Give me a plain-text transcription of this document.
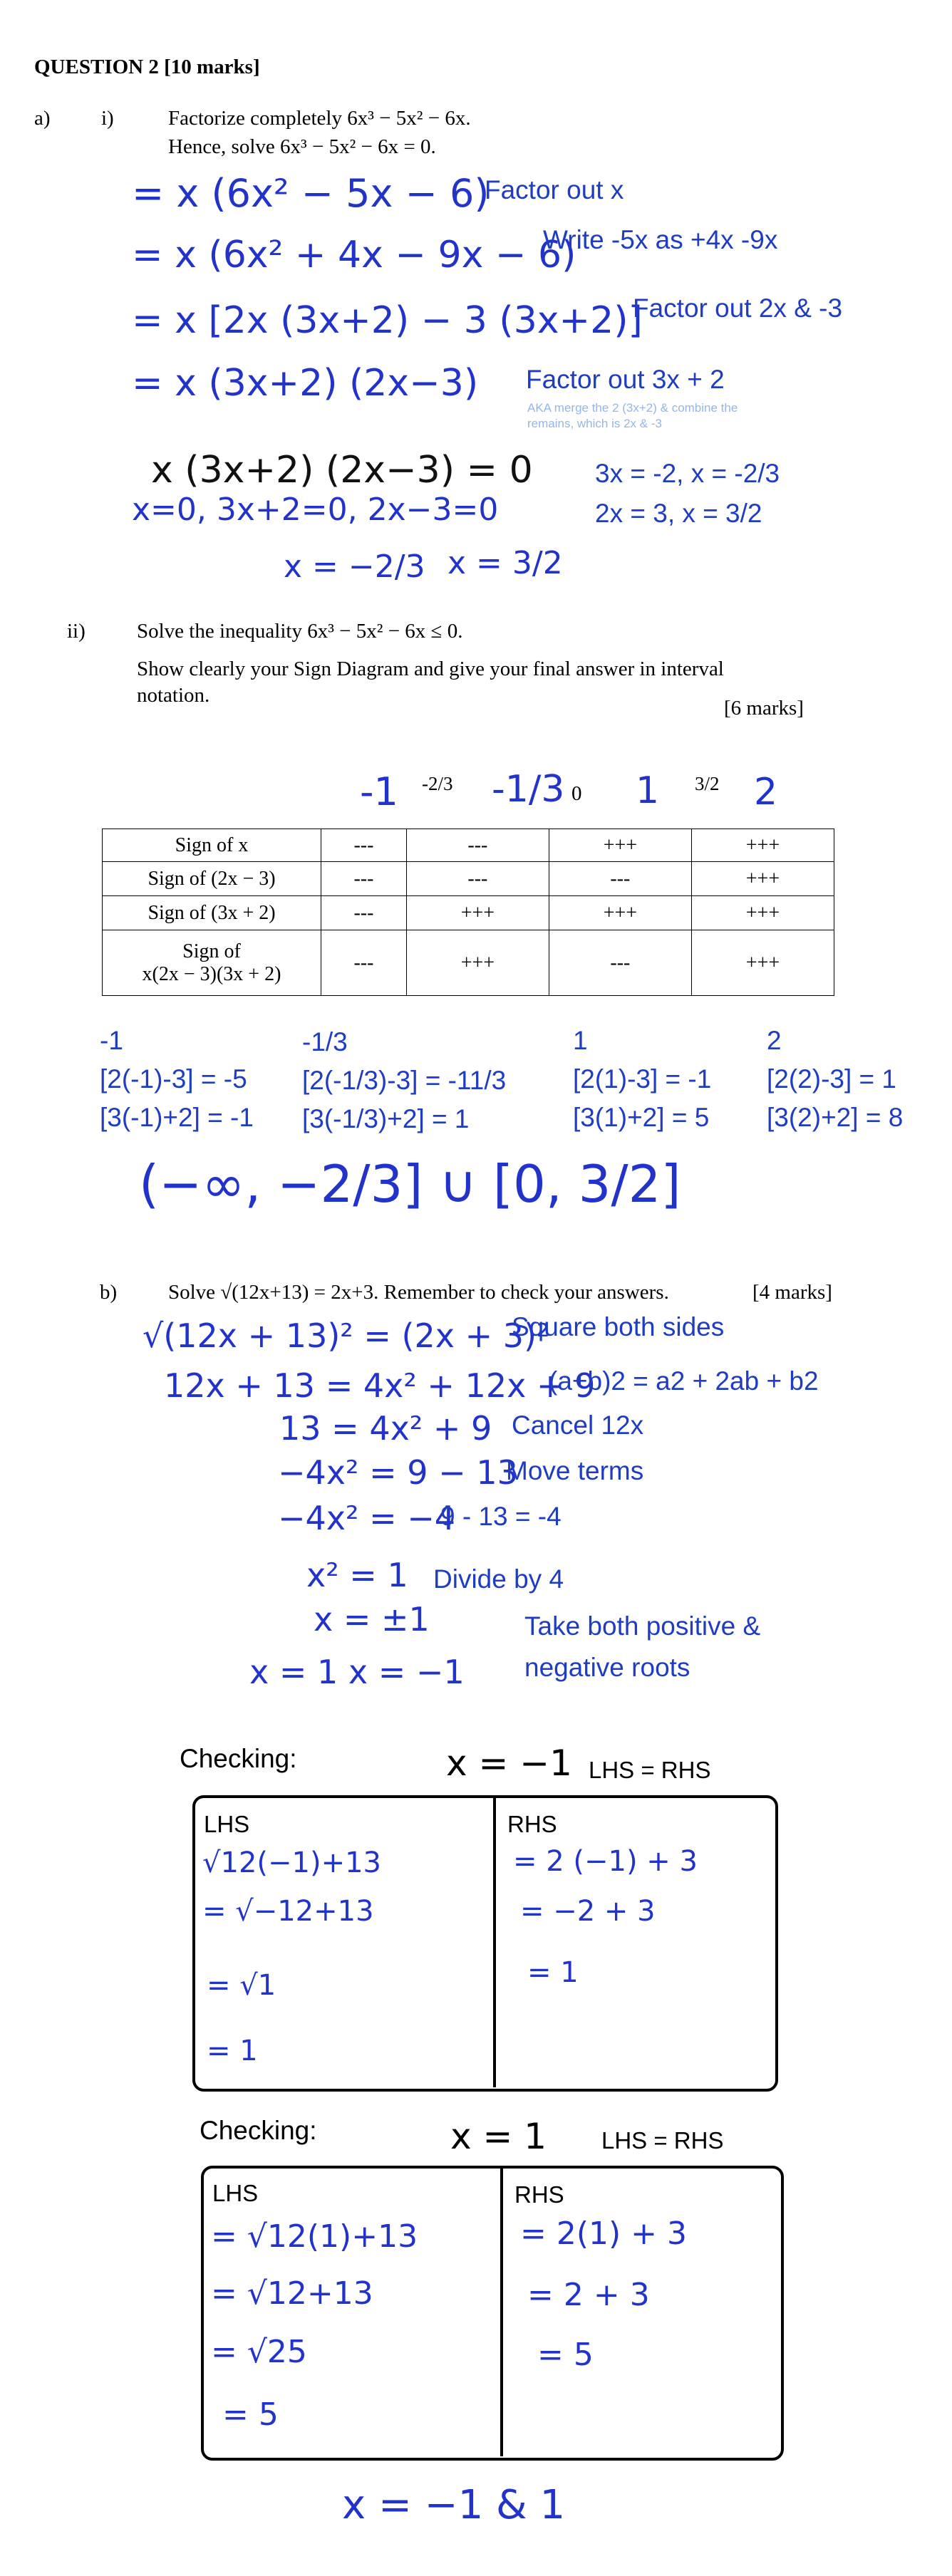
QUESTION 2 [10 marks]
a) i)	Factorize completely 6x³ − 5x² − 6x.
Hence, solve 6x³ − 5x² − 6x = 0.
= x (6x² − 5x − 6)
Factor out x
= x (6x² + 4x − 9x − 6)
Write -5x as +4x -9x
= x [2x (3x+2) − 3 (3x+2)]
Factor out 2x & -3
= x (3x+2) (2x−3) Factor out 3x + 2
AKA merge the 2 (3x+2) & combine the remains, which is 2x & -3
x (3x+2) (2x−3) = 0
x=0, 3x+2=0, 2x−3=0
x = −2/3 x = 3/2
3x = -2, x = -2/3
2x = 3, x = 3/2
ii) Solve the inequality 6x³ − 5x² − 6x ≤ 0.
Show clearly your Sign Diagram and give your final answer in interval
notation.
[6 marks]
-1 -2/3 -1/3 0 1 3/2 2
Sign of x	---	---	+++	+++
Sign of (2x − 3)	---	---	---	+++
Sign of (3x + 2)	---	+++	+++	+++

Sign of
x(2x − 3)(3x + 2)	---	+++	---	+++
-1
[2(-1)-3] = -5
[3(-1)+2] = -1
-1/3
[2(-1/3)-3] = -11/3
[3(-1/3)+2] = 1
1
[2(1)-3] = -1
[3(1)+2] = 5
2
[2(2)-3] = 1
[3(2)+2] = 8
(−∞, −2/3] ∪ [0, 3/2]
b) Solve √(12x+13) = 2x+3. Remember to check your answers.	[4 marks]
√(12x + 13)² = (2x + 3)²
Square both sides
12x + 13 = 4x² + 12x + 9
(a+b)2 = a2 + 2ab + b2
13 = 4x² + 9 Cancel 12x
−4x² = 9 − 13
Move terms
−4x² = −4
9 - 13 = -4
x² = 1 Divide by 4
x = ±1	Take both positive &
negative roots
x = 1 x = −1
Checking:	x = −1 LHS = RHS
LHS
√12(−1)+13
= √−12+13
= √1
= 1
RHS
= 2 (−1) + 3
= −2 + 3
= 1
Checking:	x = 1 LHS = RHS
LHS
= √12(1)+13
= √12+13
= √25
= 5
RHS
= 2(1) + 3
= 2 + 3
= 5
x = −1 & 1
